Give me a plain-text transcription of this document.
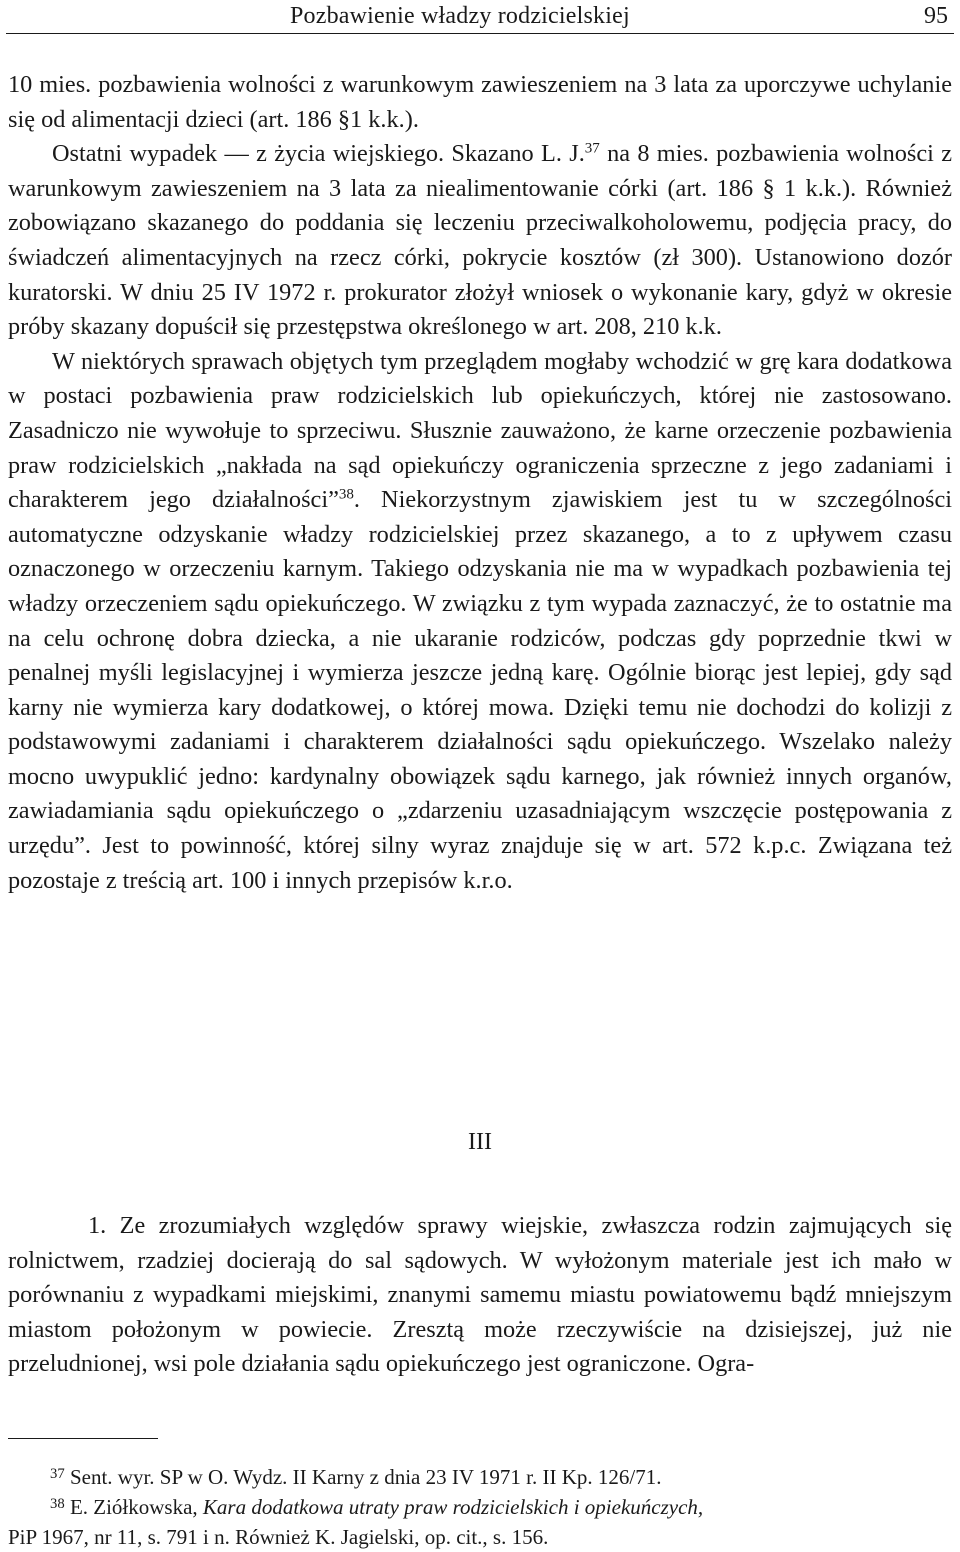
Pozbawienie władzy rodzicielskiej	95

10 mies. pozbawienia wolności z warunkowym zawieszeniem na 3 lata za uporczywe uchylanie się od alimentacji dzieci (art. 186 §1 k.k.).

Ostatni wypadek — z życia wiejskiego. Skazano L. J.$^{37}$ na 8 mies. pozbawienia wolności z warunkowym zawieszeniem na 3 lata za niealimentowanie córki (art. 186 § 1 k.k.). Również zobowiązano skazanego do poddania się leczeniu przeciwalkoholowemu, podjęcia pracy, do świadczeń alimentacyjnych na rzecz córki, pokrycie kosztów (zł 300). Ustanowiono dozór kuratorski. W dniu 25 IV 1972 r. prokurator złożył wniosek o wykonanie kary, gdyż w okresie próby skazany dopuścił się przestępstwa określonego w art. 208, 210 k.k.

W niektórych sprawach objętych tym przeglądem mogłaby wchodzić w grę kara dodatkowa w postaci pozbawienia praw rodzicielskich lub opiekuńczych, której nie zastosowano. Zasadniczo nie wywołuje to sprzeciwu. Słusznie zauważono, że karne orzeczenie pozbawienia praw rodzicielskich „nakłada na sąd opiekuńczy ograniczenia sprzeczne z jego zadaniami i charakterem jego działalności”$^{38}$. Niekorzystnym zjawiskiem jest tu w szczególności automatyczne odzyskanie władzy rodzicielskiej przez skazanego, a to z upływem czasu oznaczonego w orzeczeniu karnym. Takiego odzyskania nie ma w wypadkach pozbawienia tej władzy orzeczeniem sądu opiekuńczego. W związku z tym wypada zaznaczyć, że to ostatnie ma na celu ochronę dobra dziecka, a nie ukaranie rodziców, podczas gdy poprzednie tkwi w penalnej myśli legislacyjnej i wymierza jeszcze jedną karę. Ogólnie biorąc jest lepiej, gdy sąd karny nie wymierza kary dodatkowej, o której mowa. Dzięki temu nie dochodzi do kolizji z podstawowymi zadaniami i charakterem działalności sądu opiekuńczego. Wszelako należy mocno uwypuklić jedno: kardynalny obowiązek sądu karnego, jak również innych organów, zawiadamiania sądu opiekuńczego o „zdarzeniu uzasadniającym wszczęcie postępowania z urzędu”. Jest to powinność, której silny wyraz znajduje się w art. 572 k.p.c. Związana też pozostaje z treścią art. 100 i innych przepisów k.r.o.

III

1. Ze zrozumiałych względów sprawy wiejskie, zwłaszcza rodzin zajmujących się rolnictwem, rzadziej docierają do sal sądowych. W wyłożonym materiale jest ich mało w porównaniu z wypadkami miejskimi, znanymi samemu miastu powiatowemu bądź mniejszym miastom położonym w powiecie. Zresztą może rzeczywiście na dzisiejszej, już nie przeludnionej, wsi pole działania sądu opiekuńczego jest ograniczone. Ogra-

$^{37}$ Sent. wyr. SP w O. Wydz. II Karny z dnia 23 IV 1971 r. II Kp. 126/71.

$^{38}$ E. Ziółkowska, Kara dodatkowa utraty praw rodzicielskich i opiekuńczych,

PiP 1967, nr 11, s. 791 i n. Również K. Jagielski, op. cit., s. 156.
